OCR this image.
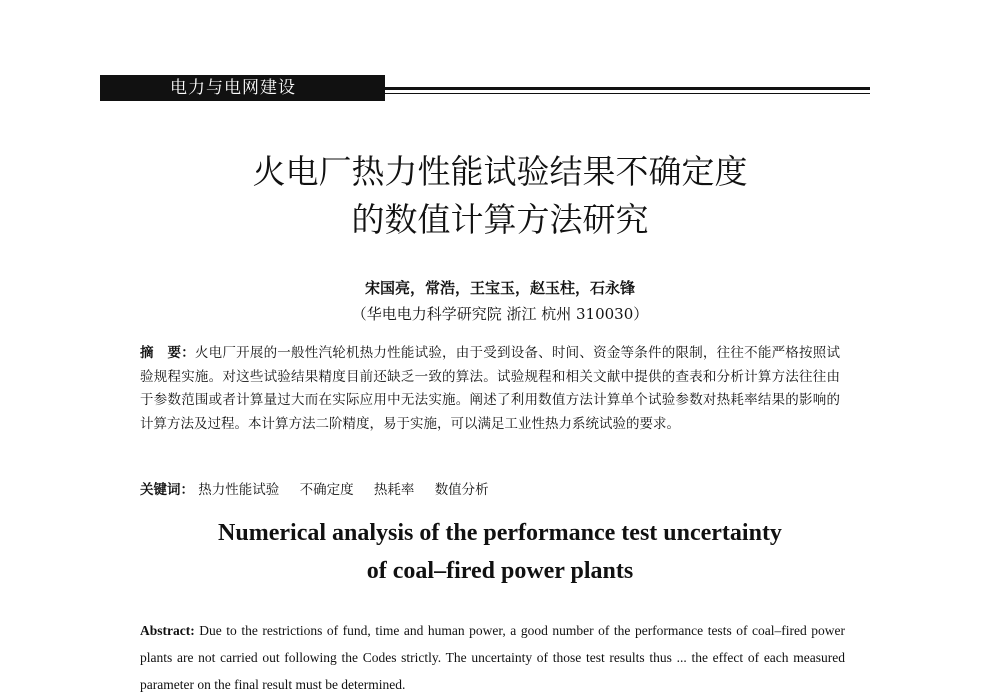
电力与电网建设
火电厂热力性能试验结果不确定度
的数值计算方法研究
宋国亮，常浩，王宝玉，赵玉柱，石永锋
（华电电力科学研究院 浙江 杭州 310030）
摘　要：火电厂开展的一般性汽轮机热力性能试验，由于受到设备、时间、资金等条件的限制，往往不能严格按照试验规程实施。对这些试验结果精度目前还缺乏一致的算法。试验规程和相关文献中提供的查表和分析计算方法往往由于参数范围或者计算量过大而在实际应用中无法实施。阐述了利用数值方法计算单个试验参数对热耗率结果的影响的计算方法及过程。本计算方法二阶精度，易于实施，可以满足工业性热力系统试验的要求。
关键词： 热力性能试验 不确定度 热耗率 数值分析
Numerical analysis of the performance test uncertainty
of coal–fired power plants
Abstract: Due to the restrictions of fund, time and human power, a good number of the performance tests of coal–fired power plants are not carried out following the Codes strictly. The uncertainty of those test results thus ... the effect of each measured parameter on the final result must be determined.
